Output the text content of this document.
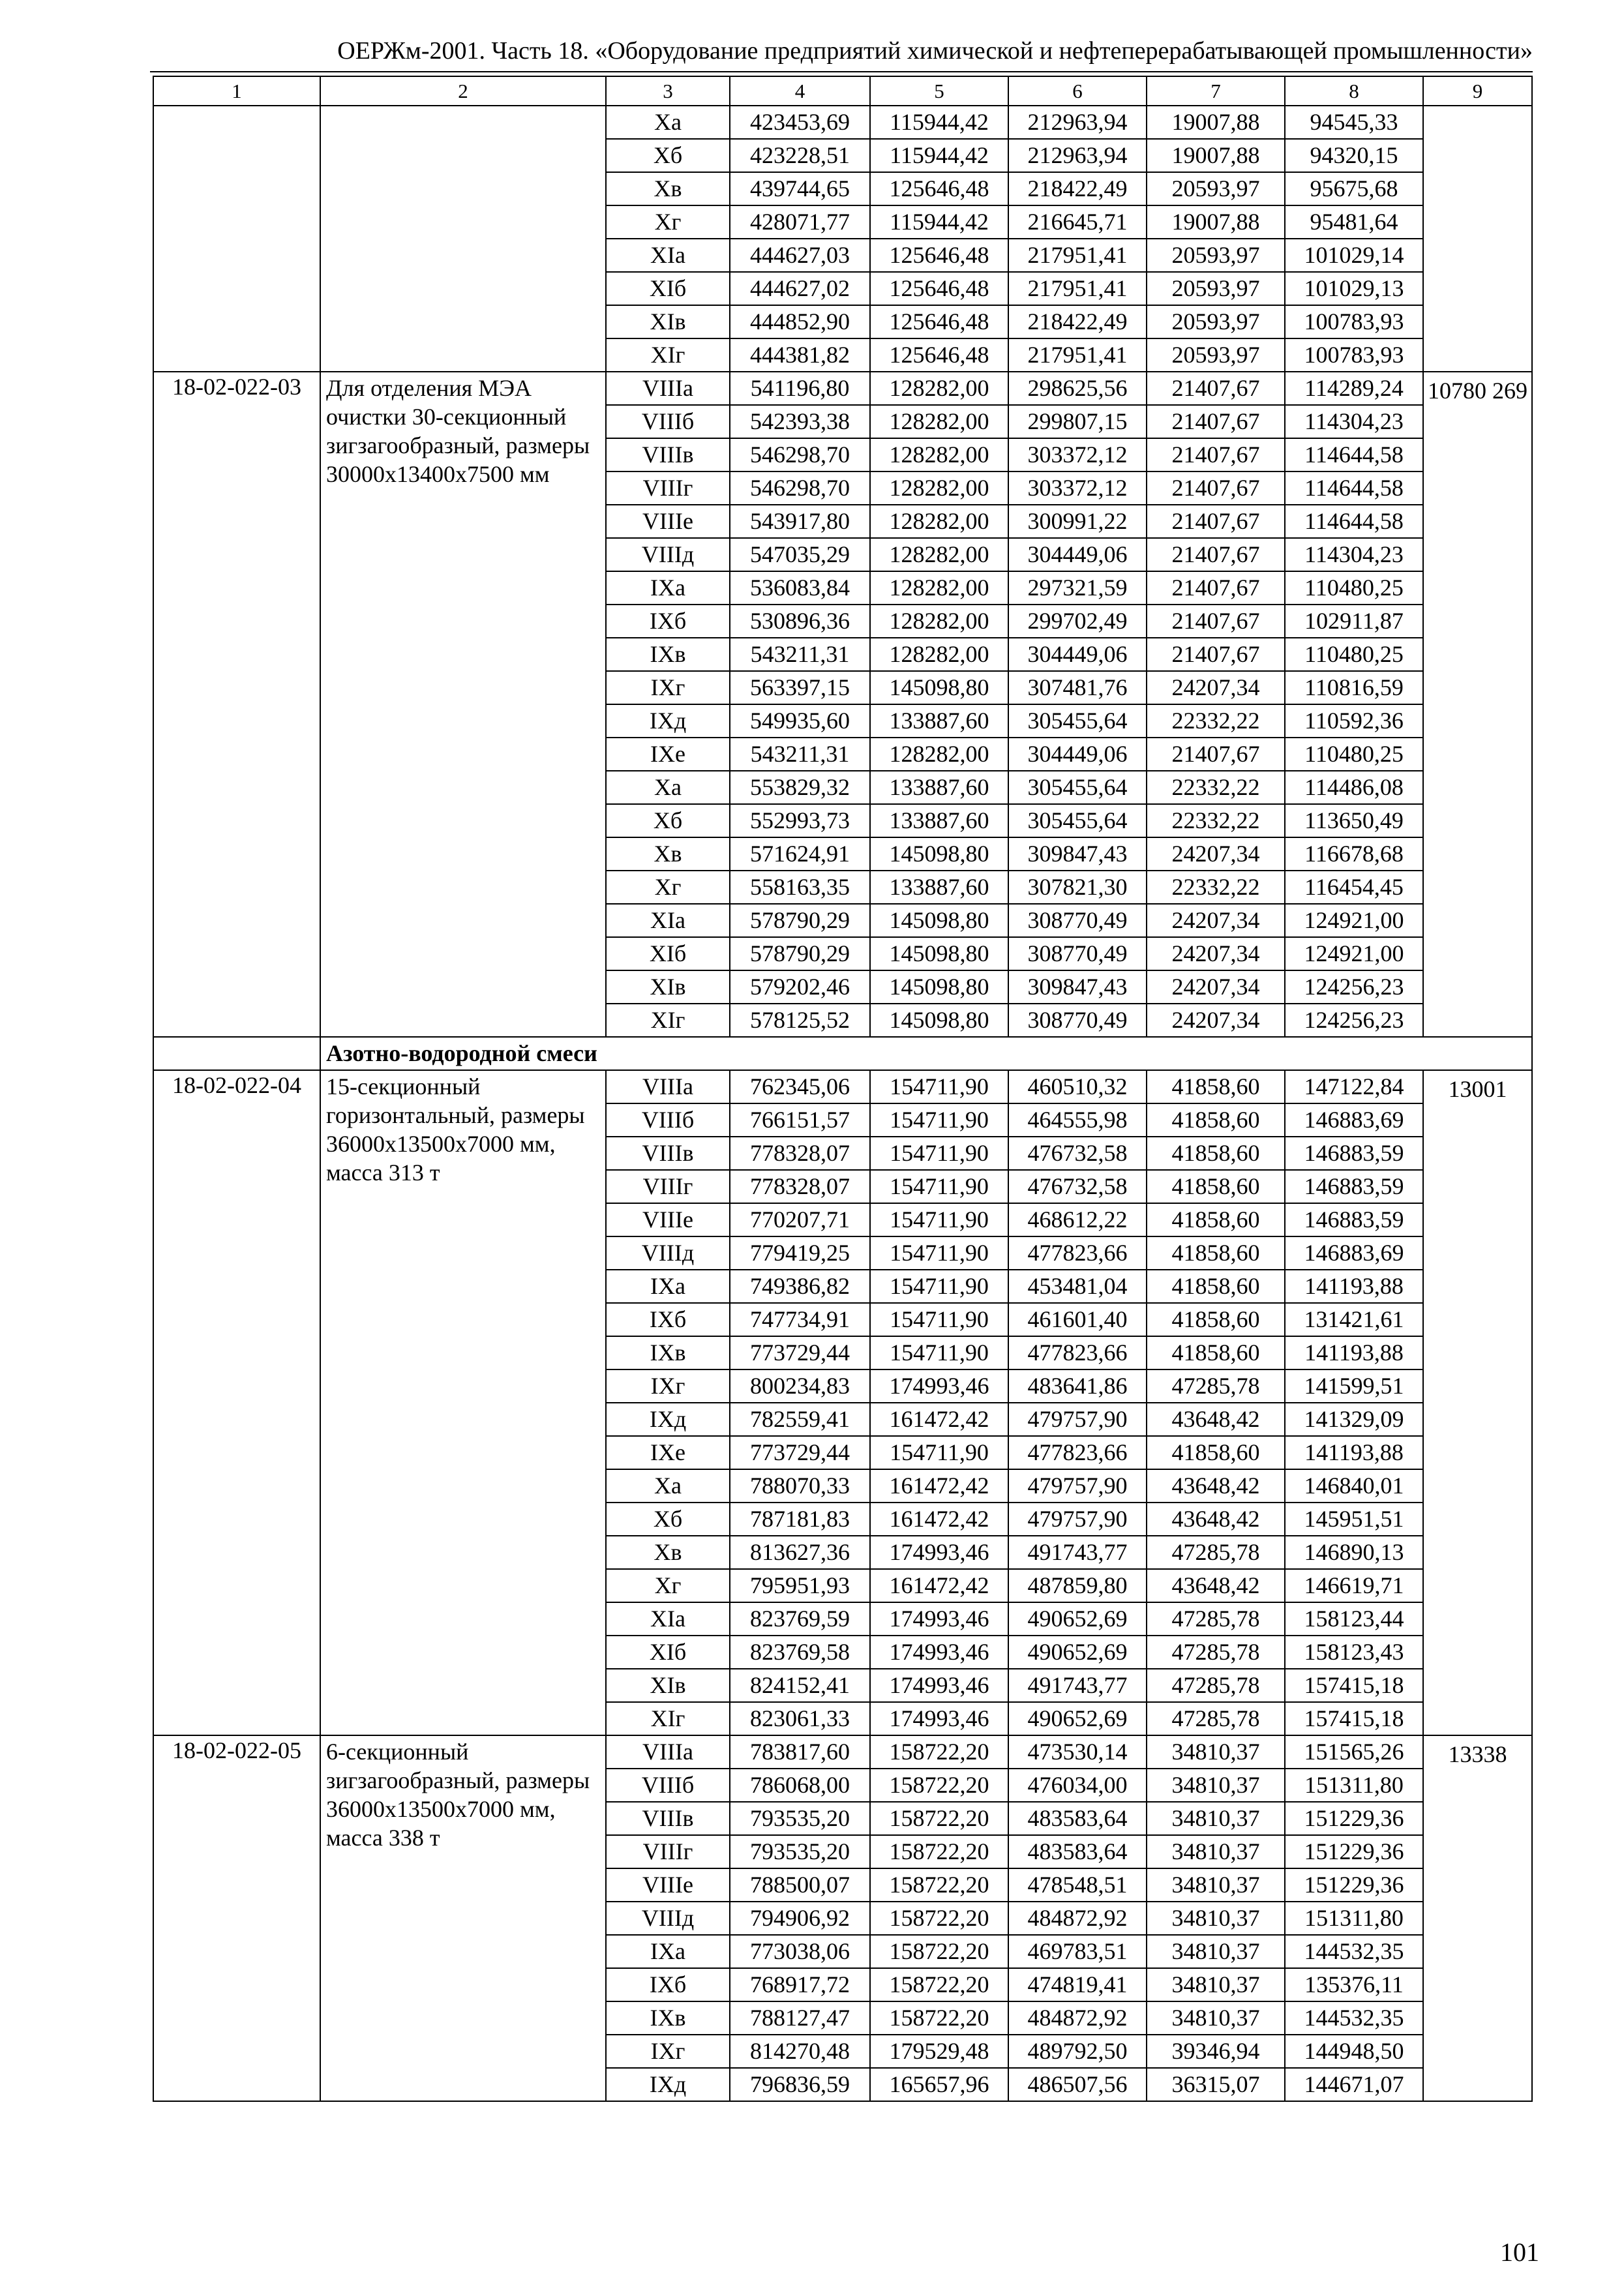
ОЕРЖм-2001. Часть 18. «Оборудование предприятий химической и нефтеперерабатывающей промышленности»
1	2	3	4	5	6	7	8	9
		Xа	423453,69	115944,42	212963,94	19007,88	94545,33	
		Xб	423228,51	115944,42	212963,94	19007,88	94320,15	
		Xв	439744,65	125646,48	218422,49	20593,97	95675,68	
		Xг	428071,77	115944,42	216645,71	19007,88	95481,64	
		XIа	444627,03	125646,48	217951,41	20593,97	101029,14	
		XIб	444627,02	125646,48	217951,41	20593,97	101029,13	
		XIв	444852,90	125646,48	218422,49	20593,97	100783,93	
		XIг	444381,82	125646,48	217951,41	20593,97	100783,93	
18-02-022-03	Для отделения МЭА очистки 30-секционный зигзагообразный, размеры 30000х13400х7500 мм	VIIIа	541196,80	128282,00	298625,56	21407,67	114289,24	10780 269
		VIIIб	542393,38	128282,00	299807,15	21407,67	114304,23	
		VIIIв	546298,70	128282,00	303372,12	21407,67	114644,58	
		VIIIг	546298,70	128282,00	303372,12	21407,67	114644,58	
		VIIIе	543917,80	128282,00	300991,22	21407,67	114644,58	
		VIIIд	547035,29	128282,00	304449,06	21407,67	114304,23	
		IXа	536083,84	128282,00	297321,59	21407,67	110480,25	
		IXб	530896,36	128282,00	299702,49	21407,67	102911,87	
		IXв	543211,31	128282,00	304449,06	21407,67	110480,25	
		IXг	563397,15	145098,80	307481,76	24207,34	110816,59	
		IXд	549935,60	133887,60	305455,64	22332,22	110592,36	
		IXе	543211,31	128282,00	304449,06	21407,67	110480,25	
		Xа	553829,32	133887,60	305455,64	22332,22	114486,08	
		Xб	552993,73	133887,60	305455,64	22332,22	113650,49	
		Xв	571624,91	145098,80	309847,43	24207,34	116678,68	
		Xг	558163,35	133887,60	307821,30	22332,22	116454,45	
		XIа	578790,29	145098,80	308770,49	24207,34	124921,00	
		XIб	578790,29	145098,80	308770,49	24207,34	124921,00	
		XIв	579202,46	145098,80	309847,43	24207,34	124256,23	
		XIг	578125,52	145098,80	308770,49	24207,34	124256,23	
	Азотно-водородной смеси							
18-02-022-04	15-секционный горизонтальный, размеры 36000х13500х7000 мм, масса 313 т	VIIIа	762345,06	154711,90	460510,32	41858,60	147122,84	13001
		VIIIб	766151,57	154711,90	464555,98	41858,60	146883,69	
		VIIIв	778328,07	154711,90	476732,58	41858,60	146883,59	
		VIIIг	778328,07	154711,90	476732,58	41858,60	146883,59	
		VIIIе	770207,71	154711,90	468612,22	41858,60	146883,59	
		VIIIд	779419,25	154711,90	477823,66	41858,60	146883,69	
		IXа	749386,82	154711,90	453481,04	41858,60	141193,88	
		IXб	747734,91	154711,90	461601,40	41858,60	131421,61	
		IXв	773729,44	154711,90	477823,66	41858,60	141193,88	
		IXг	800234,83	174993,46	483641,86	47285,78	141599,51	
		IXд	782559,41	161472,42	479757,90	43648,42	141329,09	
		IXе	773729,44	154711,90	477823,66	41858,60	141193,88	
		Xа	788070,33	161472,42	479757,90	43648,42	146840,01	
		Xб	787181,83	161472,42	479757,90	43648,42	145951,51	
		Xв	813627,36	174993,46	491743,77	47285,78	146890,13	
		Xг	795951,93	161472,42	487859,80	43648,42	146619,71	
		XIа	823769,59	174993,46	490652,69	47285,78	158123,44	
		XIб	823769,58	174993,46	490652,69	47285,78	158123,43	
		XIв	824152,41	174993,46	491743,77	47285,78	157415,18	
		XIг	823061,33	174993,46	490652,69	47285,78	157415,18	
18-02-022-05	6-секционный зигзагообразный, размеры 36000х13500х7000 мм, масса 338 т	VIIIа	783817,60	158722,20	473530,14	34810,37	151565,26	13338
		VIIIб	786068,00	158722,20	476034,00	34810,37	151311,80	
		VIIIв	793535,20	158722,20	483583,64	34810,37	151229,36	
		VIIIг	793535,20	158722,20	483583,64	34810,37	151229,36	
		VIIIе	788500,07	158722,20	478548,51	34810,37	151229,36	
		VIIIд	794906,92	158722,20	484872,92	34810,37	151311,80	
		IXа	773038,06	158722,20	469783,51	34810,37	144532,35	
		IXб	768917,72	158722,20	474819,41	34810,37	135376,11	
		IXв	788127,47	158722,20	484872,92	34810,37	144532,35	
		IXг	814270,48	179529,48	489792,50	39346,94	144948,50	
		IXд	796836,59	165657,96	486507,56	36315,07	144671,07	
101
